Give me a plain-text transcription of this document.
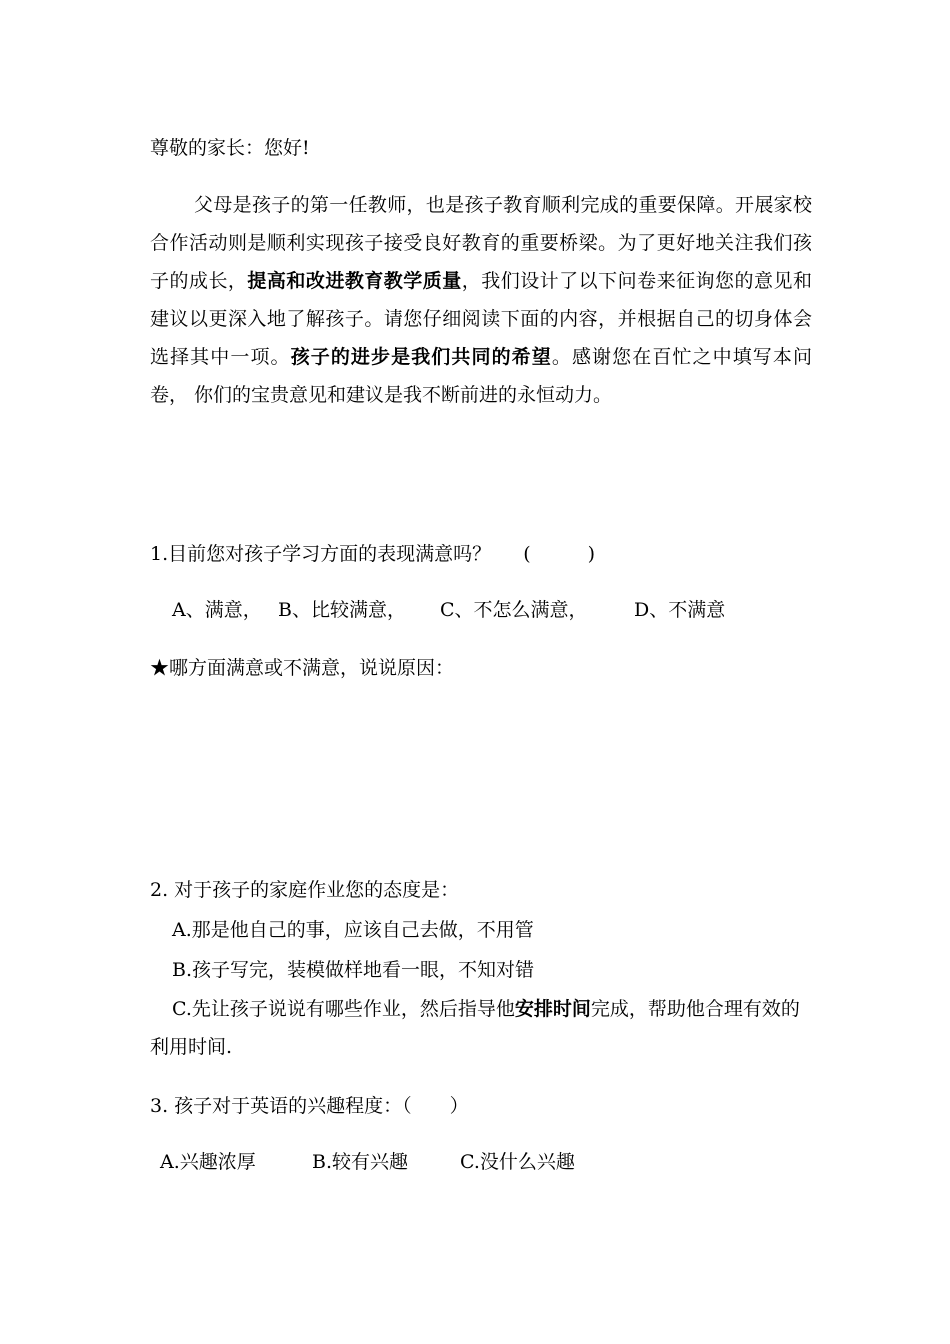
尊敬的家长：您好!
父母是孩子的第一任教师，也是孩子教育顺利完成的重要保障。开展家校合作活动则是顺利实现孩子接受良好教育的重要桥梁。为了更好地关注我们孩子的成长，提高和改进教育教学质量，我们设计了以下问卷来征询您的意见和建议以更深入地了解孩子。请您仔细阅读下面的内容，并根据自己的切身体会选择其中一项。孩子的进步是我们共同的希望。感谢您在百忙之中填写本问卷， 你们的宝贵意见和建议是我不断前进的永恒动力。
1.目前您对孩子学习方面的表现满意吗？ (　　　)
A、满意， B、比较满意， C、不怎么满意， D、不满意
★哪方面满意或不满意，说说原因：
2. 对于孩子的家庭作业您的态度是：
A.那是他自己的事，应该自己去做，不用管
B.孩子写完，装模做样地看一眼，不知对错
C.先让孩子说说有哪些作业，然后指导他安排时间完成，帮助他合理有效的利用时间.
3. 孩子对于英语的兴趣程度：（　　）
A.兴趣浓厚	B.较有兴趣	C.没什么兴趣
